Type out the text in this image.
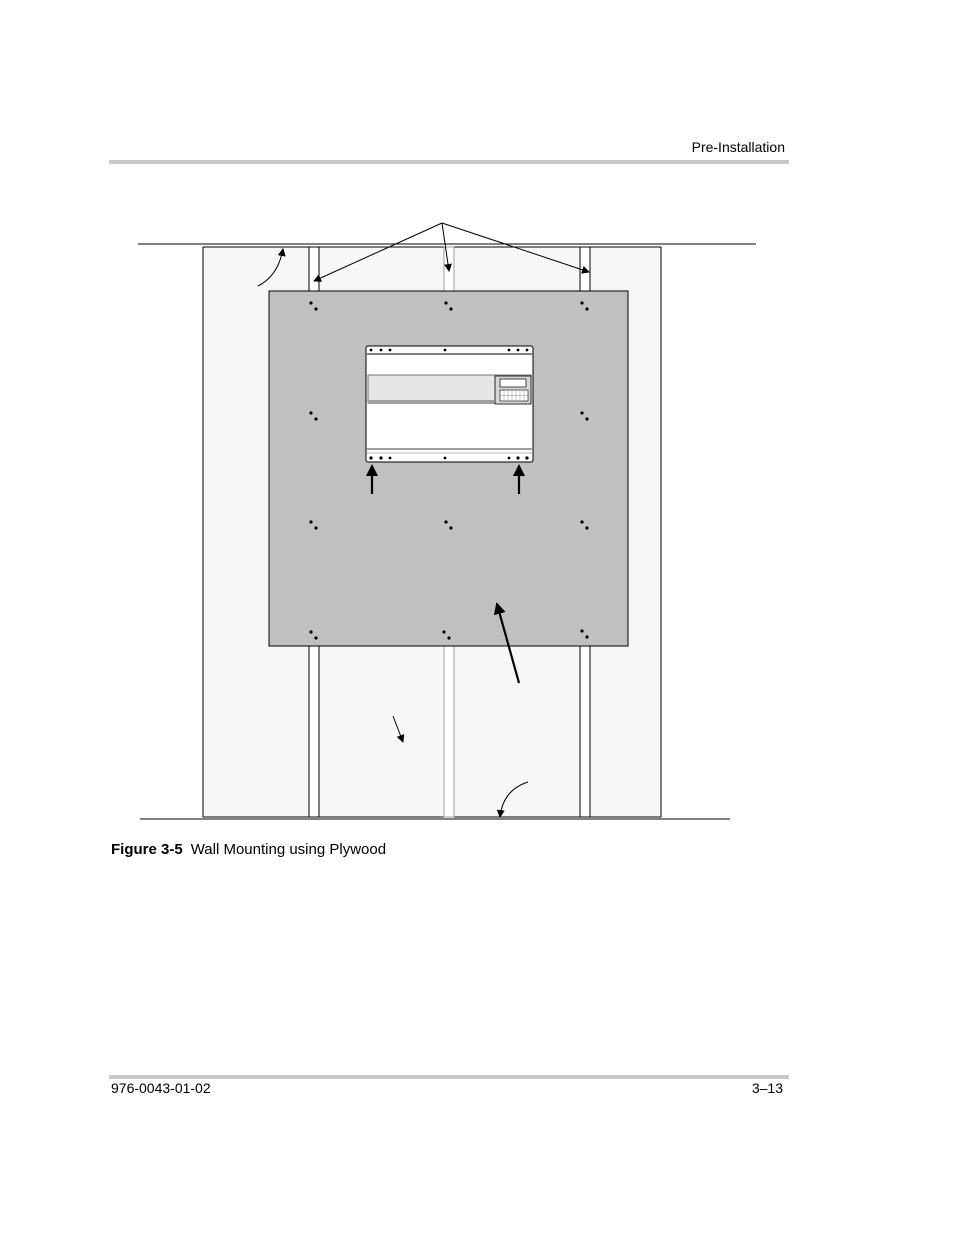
Pre-Installation
Figure 3-5 Wall Mounting using Plywood
976-0043-01-02	3–13
